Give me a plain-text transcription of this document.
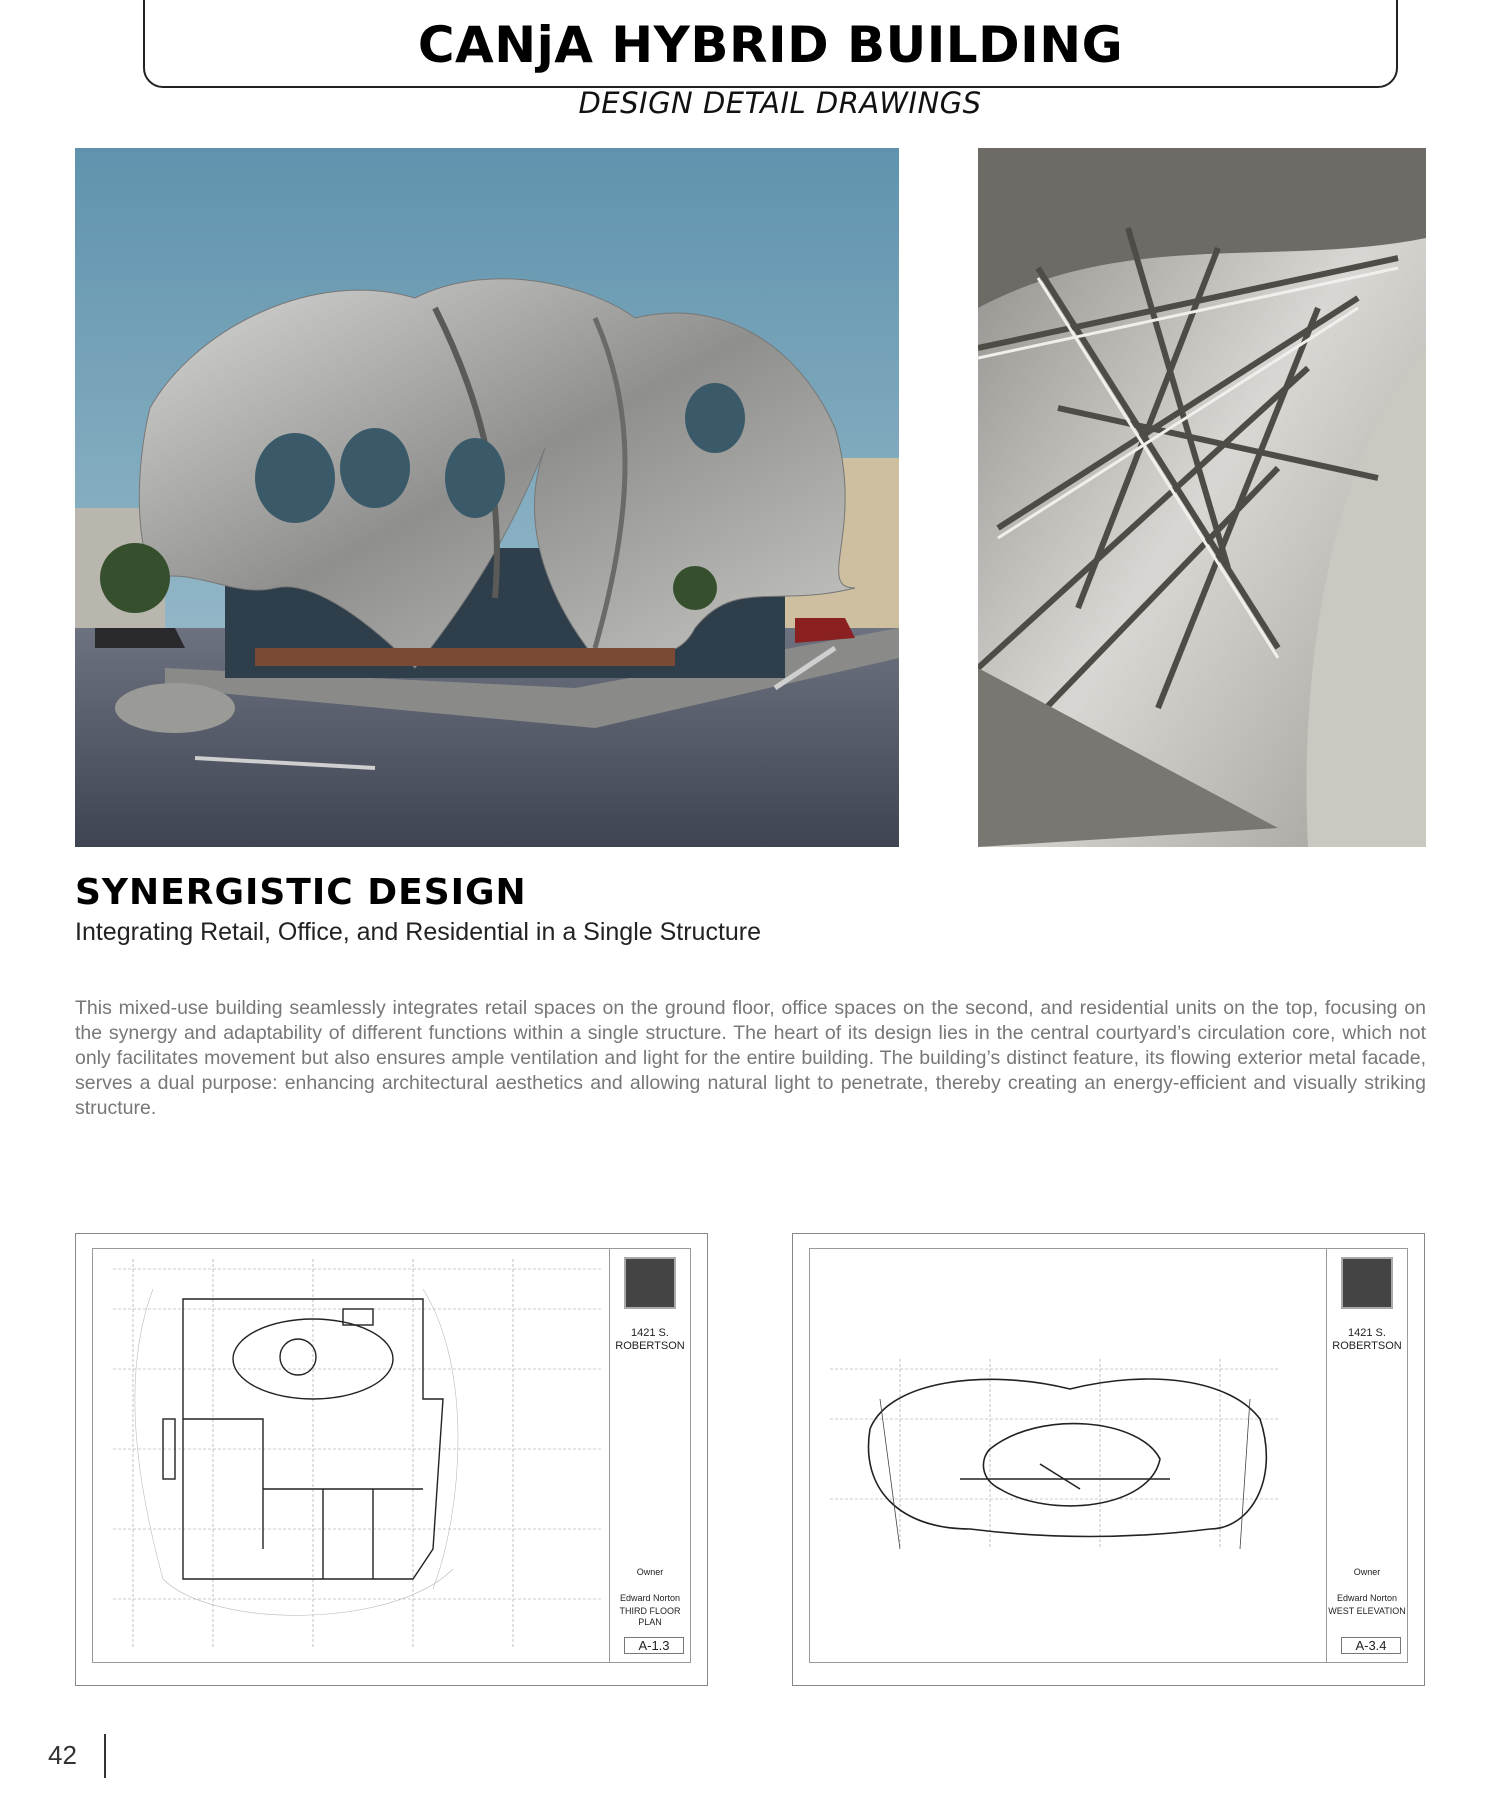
CANjA HYBRID BUILDING
DESIGN DETAIL DRAWINGS
SYNERGISTIC DESIGN
Integrating Retail, Office, and Residential in a Single Structure
This mixed-use building seamlessly integrates retail spaces on the ground floor, office spaces on the second, and residential units on the top, focusing on the synergy and adaptability of different functions within a single structure. The heart of its design lies in the central courtyard’s circulation core, which not only facilitates movement but also ensures ample ventilation and light for the entire building. The building’s distinct feature, its flowing exterior metal facade, serves a dual purpose: enhancing architectural aesthetics and allowing natural light to penetrate, thereby creating an energy-efficient and visually striking structure.
1421 S. ROBERTSON
Owner
Edward Norton
THIRD FLOOR PLAN
A-1.3
1421 S. ROBERTSON
Owner
Edward Norton
WEST ELEVATION
A-3.4
42
